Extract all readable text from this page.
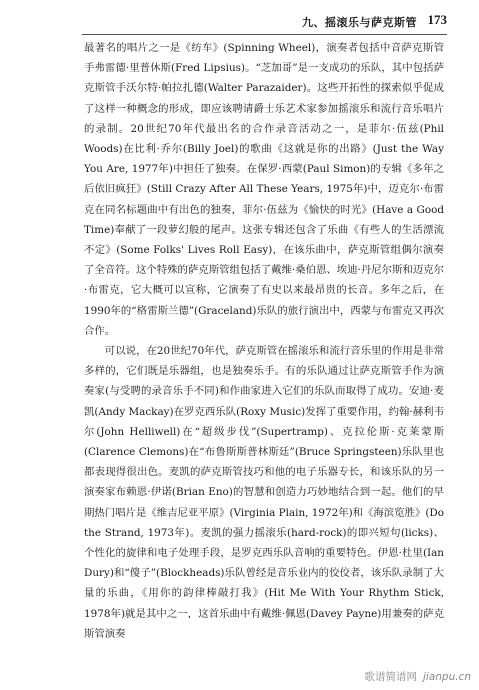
九、摇滚乐与萨克斯管 173

最著名的唱片之一是《纺车》(Spinning Wheel)，演奏者包括中音萨克斯管手弗雷德·里普休斯(Fred Lipsius)。“芝加哥”是一支成功的乐队，其中包括萨克斯管手沃尔特·帕拉扎德(Walter Parazaider)。这些开拓性的探索似乎促成了这样一种概念的形成，即应该聘请爵士乐艺术家参加摇滚乐和流行音乐唱片的录制。20世纪70年代最出名的合作录音活动之一，是菲尔·伍兹(Phil Woods)在比利·乔尔(Billy Joel)的歌曲《这就是你的出路》(Just the Way You Are, 1977年)中担任了独奏。在保罗·西蒙(Paul Simon)的专辑《多年之后依旧疯狂》(Still Crazy After All These Years, 1975年)中，迈克尔·布雷克在同名标题曲中有出色的独奏，菲尔·伍兹为《愉快的时光》(Have a Good Time)奉献了一段萝幻般的尾声。这张专辑还包含了乐曲《有些人的生活漂流不定》(Some Folks' Lives Roll Easy)，在该乐曲中，萨克斯管组偶尔演奏了全音符。这个特殊的萨克斯管组包括了戴维·桑伯恩、埃迪·丹尼尔斯和迈克尔·布雷克，它大概可以宣称，它演奏了有史以来最昂贵的长音。多年之后，在1990年的“格雷斯兰德”(Graceland)乐队的旅行演出中，西蒙与布雷克又再次合作。

可以说，在20世纪70年代，萨克斯管在摇滚乐和流行音乐里的作用是非常多样的，它们既是乐器组，也是独奏乐手。有的乐队通过让萨克斯管手作为演奏家(与受聘的录音乐手不同)和作曲家进入它们的乐队而取得了成功。安迪·麦凯(Andy Mackay)在罗克西乐队(Roxy Music)发挥了重要作用，约翰·赫利韦尔(John Helliwell)在“超级步伐”(Supertramp)、克拉伦斯·克莱蒙斯(Clarence Clemons)在“布鲁斯斯普林斯廷”(Bruce Springsteen)乐队里也都表现得很出色。麦凯的萨克斯管技巧和他的电子乐器专长，和该乐队的另一演奏家布赖恩·伊诺(Brian Eno)的智慧和创造力巧妙地结合到一起。他们的早期热门唱片是《维吉尼亚平原》(Virginia Plain, 1972年)和《海滨览胜》(Do the Strand, 1973年)。麦凯的强力摇滚乐(hard-rock)的即兴短句(licks)、个性化的旋律和电子处理手段，是罗克西乐队音响的重要特色。伊恩·杜里(Ian Dury)和“傻子”(Blockheads)乐队曾经是音乐业内的佼佼者，该乐队录制了大量的乐曲，《用你的韵律棒敲打我》(Hit Me With Your Rhythm Stick, 1978年)就是其中之一，这首乐曲中有戴维·佩恩(Davey Payne)用兼奏的萨克斯管演奏

歌谱简谱网 jianpu.cn
